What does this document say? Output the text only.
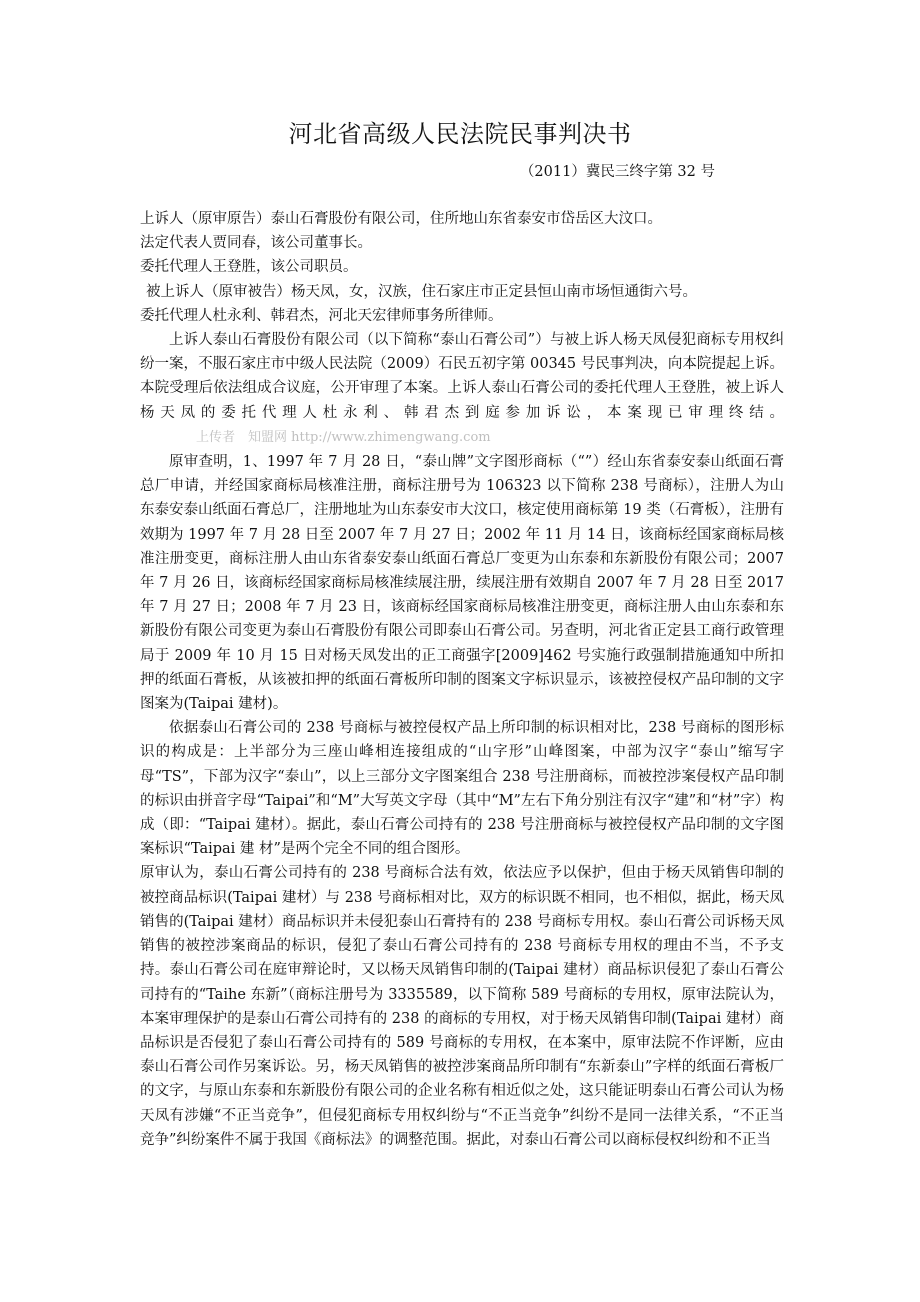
河北省高级人民法院民事判决书
（2011）冀民三终字第 32 号

上诉人（原审原告）泰山石膏股份有限公司，住所地山东省泰安市岱岳区大汶口。

法定代表人贾同春，该公司董事长。

委托代理人王登胜，该公司职员。

被上诉人（原审被告）杨天凤，女，汉族，住石家庄市正定县恒山南市场恒通街六号。

委托代理人杜永利、韩君杰，河北天宏律师事务所律师。

上诉人泰山石膏股份有限公司（以下简称“泰山石膏公司”）与被上诉人杨天凤侵犯商标专用权纠纷一案，不服石家庄市中级人民法院（2009）石民五初字第 00345 号民事判决，向本院提起上诉。本院受理后依法组成合议庭，公开审理了本案。上诉人泰山石膏公司的委托代理人王登胜，被上诉人杨天凤的委托代理人杜永利、韩君杰到庭参加诉讼，本案现已审理终结。上传者　知盟网 http://www.zhimengwang.com

原审查明，1、1997 年 7 月 28 日，“泰山牌”文字图形商标（“”）经山东省泰安泰山纸面石膏总厂申请，并经国家商标局核准注册，商标注册号为 106323 以下简称 238 号商标），注册人为山东泰安泰山纸面石膏总厂，注册地址为山东泰安市大汶口，核定使用商标第 19 类（石膏板），注册有效期为 1997 年 7 月 28 日至 2007 年 7 月 27 日；2002 年 11 月 14 日，该商标经国家商标局核准注册变更，商标注册人由山东省泰安泰山纸面石膏总厂变更为山东泰和东新股份有限公司；2007 年 7 月 26 日，该商标经国家商标局核准续展注册，续展注册有效期自 2007 年 7 月 28 日至 2017 年 7 月 27 日；2008 年 7 月 23 日，该商标经国家商标局核准注册变更，商标注册人由山东泰和东新股份有限公司变更为泰山石膏股份有限公司即泰山石膏公司。另查明，河北省正定县工商行政管理局于 2009 年 10 月 15 日对杨天凤发出的正工商强字[2009]462 号实施行政强制措施通知中所扣押的纸面石膏板，从该被扣押的纸面石膏板所印制的图案文字标识显示，该被控侵权产品印制的文字图案为(Taipai 建材)。

依据泰山石膏公司的 238 号商标与被控侵权产品上所印制的标识相对比，238 号商标的图形标识的构成是：上半部分为三座山峰相连接组成的“山字形”山峰图案，中部为汉字“泰山”缩写字母“TS”，下部为汉字“泰山”，以上三部分文字图案组合 238 号注册商标，而被控涉案侵权产品印制的标识由拼音字母“Taipai”和“M”大写英文字母（其中“M”左右下角分别注有汉字“建”和“材”字）构成（即：“Taipai 建材）。据此，泰山石膏公司持有的 238 号注册商标与被控侵权产品印制的文字图案标识“Taipai 建 材”是两个完全不同的组合图形。

原审认为，泰山石膏公司持有的 238 号商标合法有效，依法应予以保护，但由于杨天凤销售印制的被控商品标识(Taipai 建材）与 238 号商标相对比，双方的标识既不相同，也不相似，据此，杨天凤销售的(Taipai 建材）商品标识并未侵犯泰山石膏持有的 238 号商标专用权。泰山石膏公司诉杨天凤销售的被控涉案商品的标识，侵犯了泰山石膏公司持有的 238 号商标专用权的理由不当，不予支持。泰山石膏公司在庭审辩论时，又以杨天凤销售印制的(Taipai 建材）商品标识侵犯了泰山石膏公司持有的“Taihe 东新”（商标注册号为 3335589，以下简称 589 号商标的专用权，原审法院认为，本案审理保护的是泰山石膏公司持有的 238 的商标的专用权，对于杨天凤销售印制(Taipai 建材）商品标识是否侵犯了泰山石膏公司持有的 589 号商标的专用权，在本案中，原审法院不作评断，应由泰山石膏公司作另案诉讼。另，杨天凤销售的被控涉案商品所印制有“东新泰山”字样的纸面石膏板厂的文字，与原山东泰和东新股份有限公司的企业名称有相近似之处，这只能证明泰山石膏公司认为杨天凤有涉嫌“不正当竞争”，但侵犯商标专用权纠纷与“不正当竞争”纠纷不是同一法律关系，“不正当竞争”纠纷案件不属于我国《商标法》的调整范围。据此，对泰山石膏公司以商标侵权纠纷和不正当
